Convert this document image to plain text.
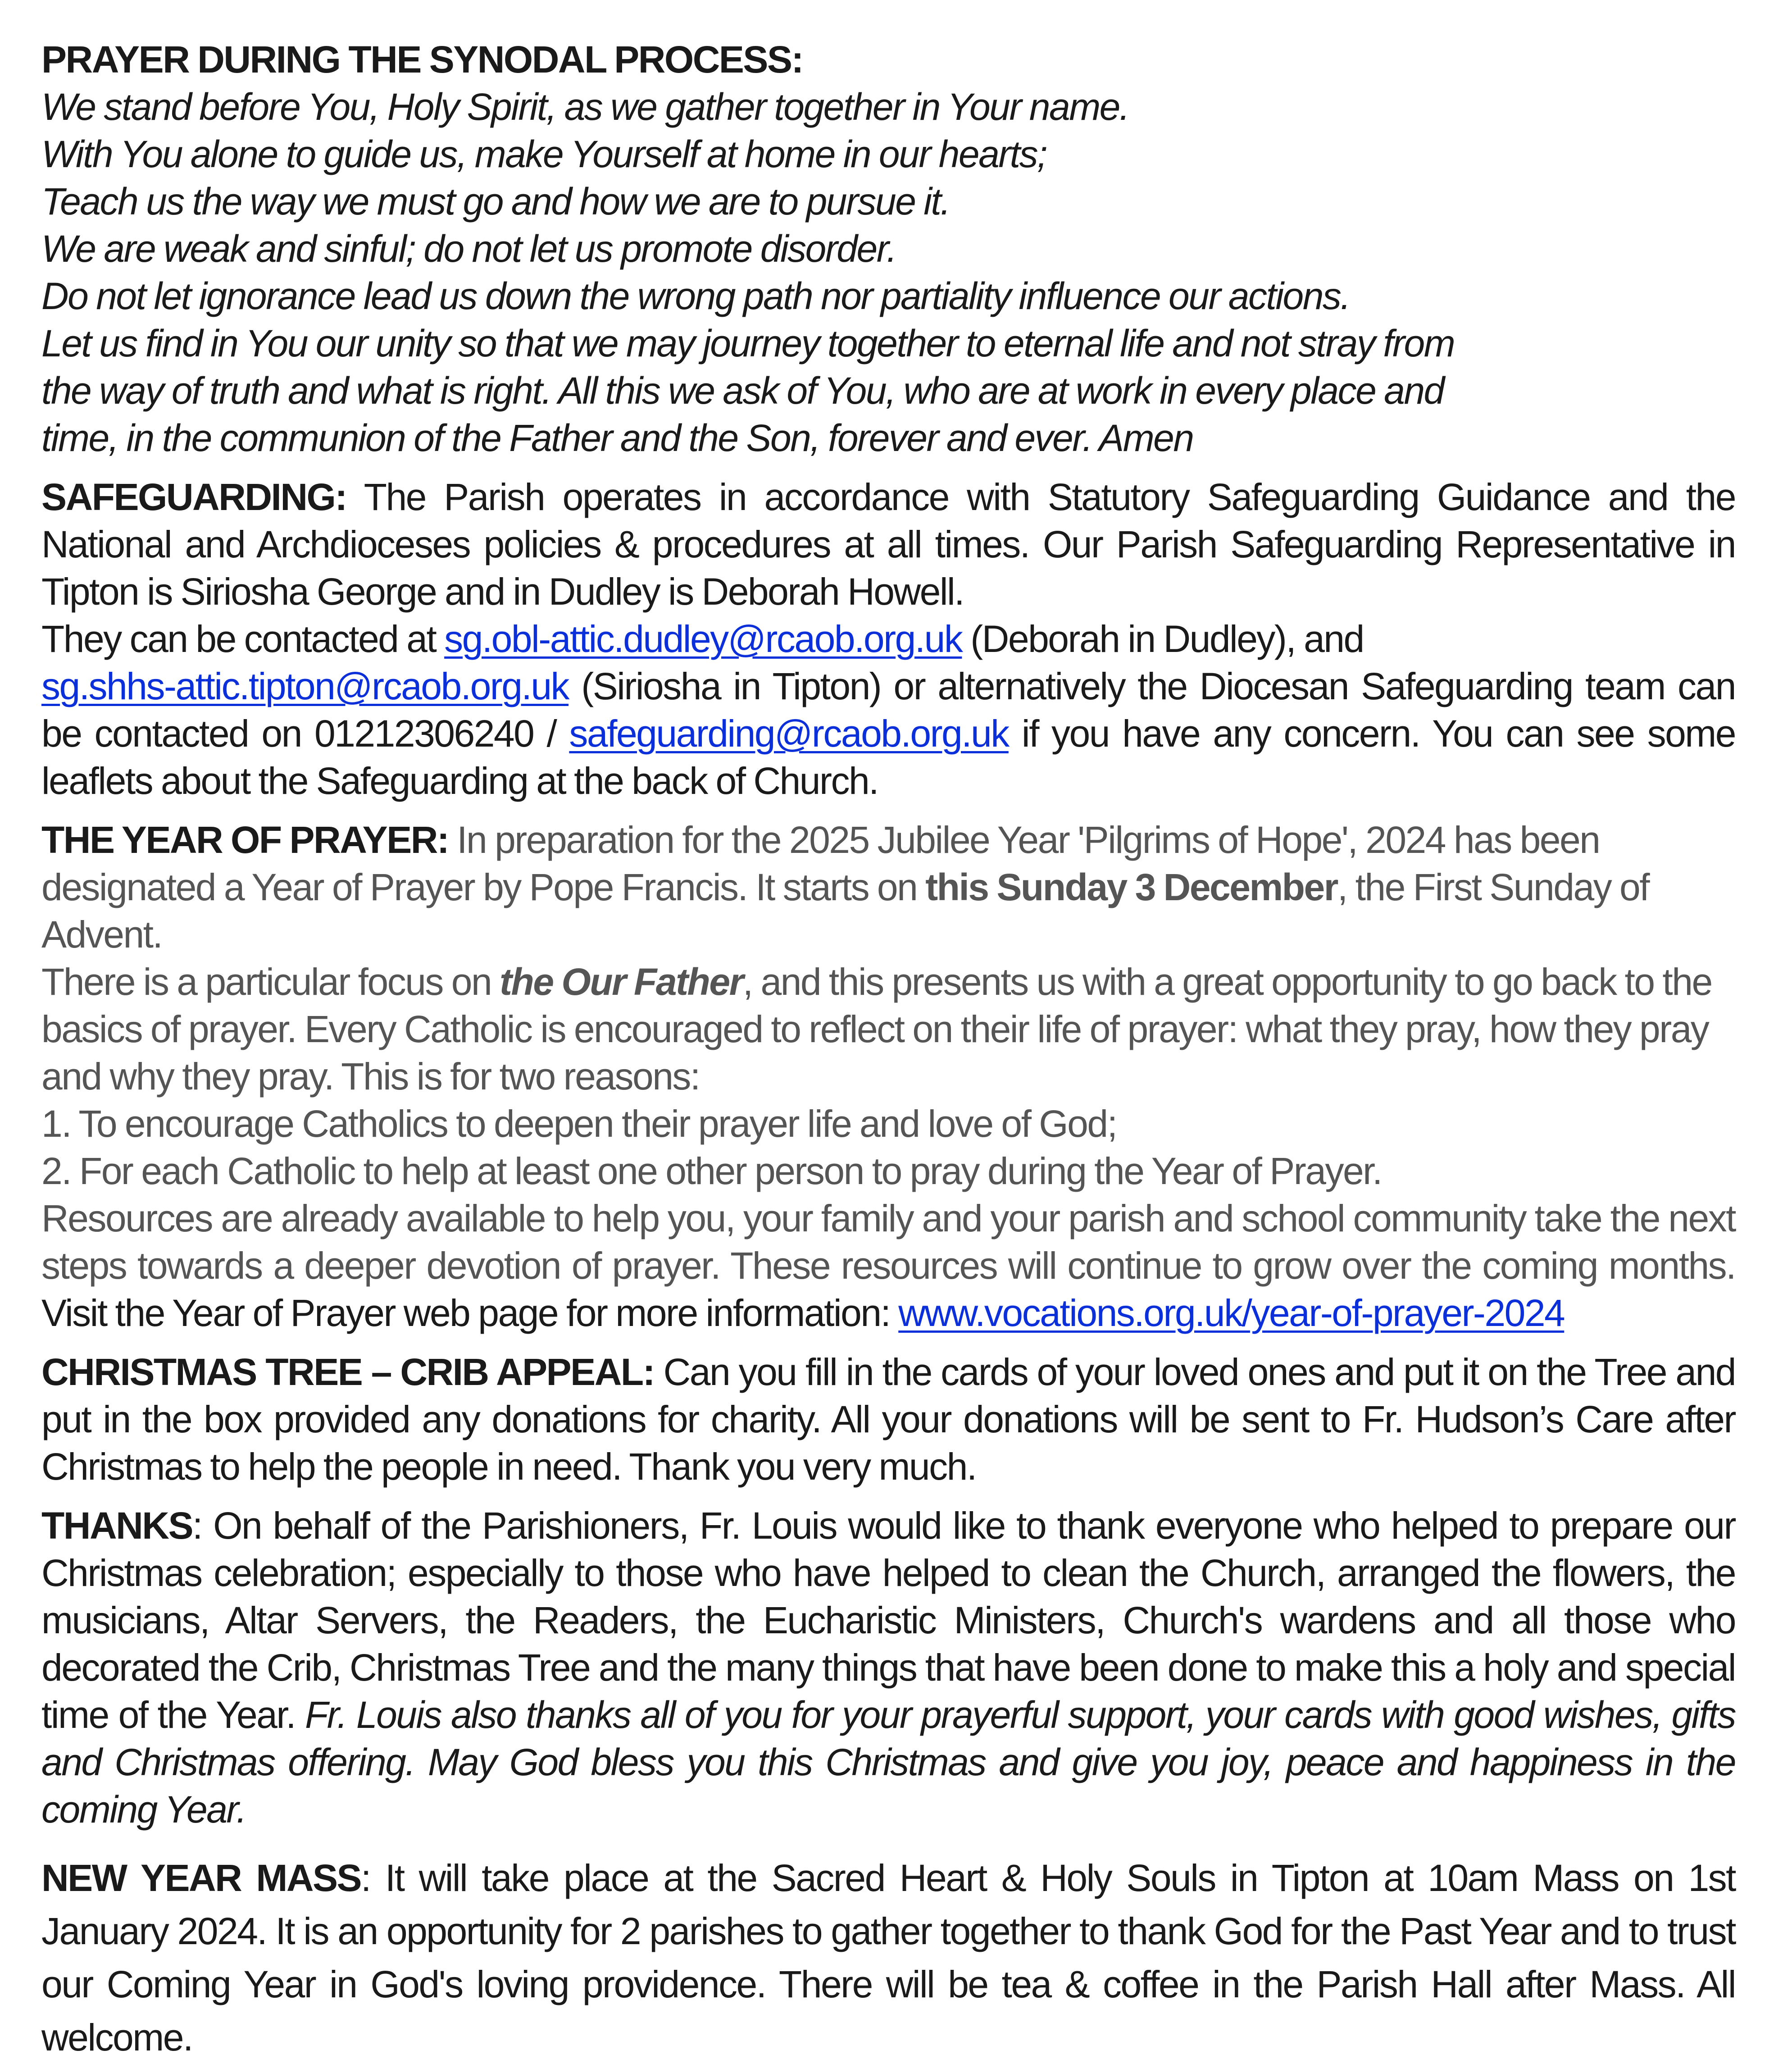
PRAYER DURING THE SYNODAL PROCESS:
We stand before You, Holy Spirit, as we gather together in Your name.
With You alone to guide us, make Yourself at home in our hearts;
Teach us the way we must go and how we are to pursue it.
We are weak and sinful; do not let us promote disorder.
Do not let ignorance lead us down the wrong path nor partiality influence our actions.
Let us find in You our unity so that we may journey together to eternal life and not stray from
the way of truth and what is right. All this we ask of You, who are at work in every place and
time, in the communion of the Father and the Son, forever and ever. Amen
SAFEGUARDING: The Parish operates in accordance with Statutory Safeguarding Guidance and the National and Archdioceses policies & procedures at all times. Our Parish Safeguarding Representative in Tipton is Siriosha George and in Dudley is Deborah Howell.
They can be contacted at sg.obl-attic.dudley@rcaob.org.uk (Deborah in Dudley), and
sg.shhs-attic.tipton@rcaob.org.uk (Siriosha in Tipton) or alternatively the Diocesan Safeguarding team can be contacted on 01212306240 / safeguarding@rcaob.org.uk if you have any concern. You can see some leaflets about the Safeguarding at the back of Church.
THE YEAR OF PRAYER: In preparation for the 2025 Jubilee Year 'Pilgrims of Hope', 2024 has been designated a Year of Prayer by Pope Francis. It starts on this Sunday 3 December, the First Sunday of Advent.
There is a particular focus on the Our Father, and this presents us with a great opportunity to go back to the basics of prayer. Every Catholic is encouraged to reflect on their life of prayer: what they pray, how they pray and why they pray. This is for two reasons:
1. To encourage Catholics to deepen their prayer life and love of God;
2. For each Catholic to help at least one other person to pray during the Year of Prayer.
Resources are already available to help you, your family and your parish and school community take the next steps towards a deeper devotion of prayer. These resources will continue to grow over the coming months. Visit the Year of Prayer web page for more information: www.vocations.org.uk/year-of-prayer-2024
CHRISTMAS TREE – CRIB APPEAL: Can you fill in the cards of your loved ones and put it on the Tree and put in the box provided any donations for charity. All your donations will be sent to Fr. Hudson’s Care after Christmas to help the people in need. Thank you very much.
THANKS: On behalf of the Parishioners, Fr. Louis would like to thank everyone who helped to prepare our Christmas celebration; especially to those who have helped to clean the Church, arranged the flowers, the musicians, Altar Servers, the Readers, the Eucharistic Ministers, Church's wardens and all those who decorated the Crib, Christmas Tree and the many things that have been done to make this a holy and special time of the Year. Fr. Louis also thanks all of you for your prayerful support, your cards with good wishes, gifts and Christmas offering. May God bless you this Christmas and give you joy, peace and happiness in the coming Year.
NEW YEAR MASS: It will take place at the Sacred Heart & Holy Souls in Tipton at 10am Mass on 1st January 2024. It is an opportunity for 2 parishes to gather together to thank God for the Past Year and to trust our Coming Year in God's loving providence. There will be tea & coffee in the Parish Hall after Mass. All welcome.
